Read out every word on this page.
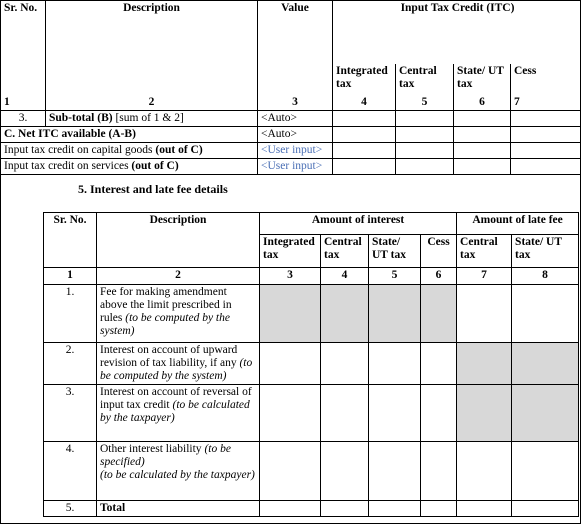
Sr. No.	Description	Value	Input Tax Credit (ITC)			
			Integrated tax	Central tax	State/ UT tax	Cess
1	2	3	4	5	6	7
3.	Sub-total (B) [sum of 1 & 2]	<Auto>				
C. Net ITC available (A-B)		<Auto>				
Input tax credit on capital goods (out of C)		<User input>				
Input tax credit on services (out of C)		<User input>				
5. Interest and late fee details
Sr. No.	Description	Amount of interest				Amount of late fee	
		Integrated tax	Central tax	State/ UT tax	Cess	Central tax	State/ UT tax
1	2	3	4	5	6	7	8
1.	Fee for making amendment above the limit prescribed in rules (to be computed by the system)						
2.	Interest on account of upward revision of tax liability, if any (to be computed by the system)						
3.	Interest on account of reversal of input tax credit (to be calculated by the taxpayer)						
4.	Other interest liability (to be specified)
(to be calculated by the taxpayer)						
5.	Total						
